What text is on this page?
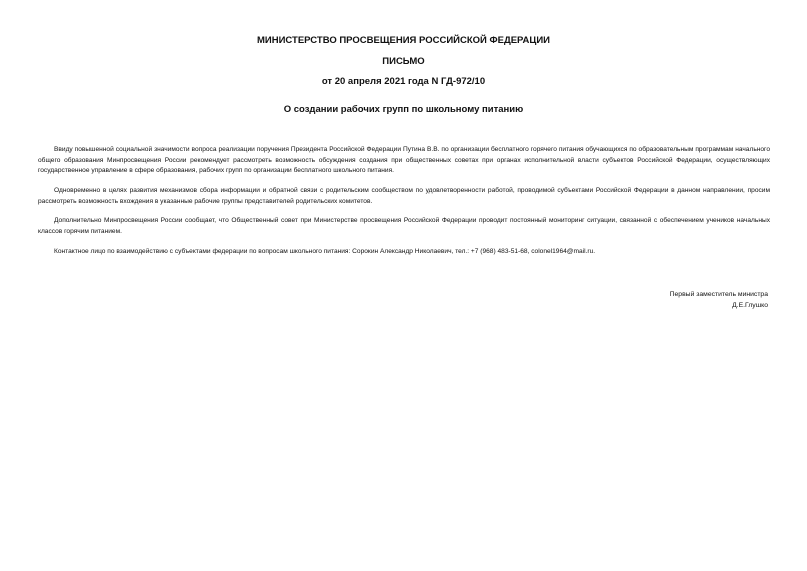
МИНИСТЕРСТВО ПРОСВЕЩЕНИЯ РОССИЙСКОЙ ФЕДЕРАЦИИ
ПИСЬМО
от 20 апреля 2021 года N ГД-972/10
О создании рабочих групп по школьному питанию

Ввиду повышенной социальной значимости вопроса реализации поручения Президента Российской Федерации Путина В.В. по организации бесплатного горячего питания обучающихся по образовательным программам начального общего образования Минпросвещения России рекомендует рассмотреть возможность обсуждения создания при общественных советах при органах исполнительной власти субъектов Российской Федерации, осуществляющих государственное управление в сфере образования, рабочих групп по организации бесплатного школьного питания.

Одновременно в целях развития механизмов сбора информации и обратной связи с родительским сообществом по удовлетворенности работой, проводимой субъектами Российской Федерации в данном направлении, просим рассмотреть возможность вхождения в указанные рабочие группы представителей родительских комитетов.

Дополнительно Минпросвещения России сообщает, что Общественный совет при Министерстве просвещения Российской Федерации проводит постоянный мониторинг ситуации, связанной с обеспечением учеников начальных классов горячим питанием.

Контактное лицо по взаимодействию с субъектами федерации по вопросам школьного питания: Сорокин Александр Николаевич, тел.: +7 (968) 483-51-68, colonel1964@mail.ru.

Первый заместитель министра
Д.Е.Глушко
